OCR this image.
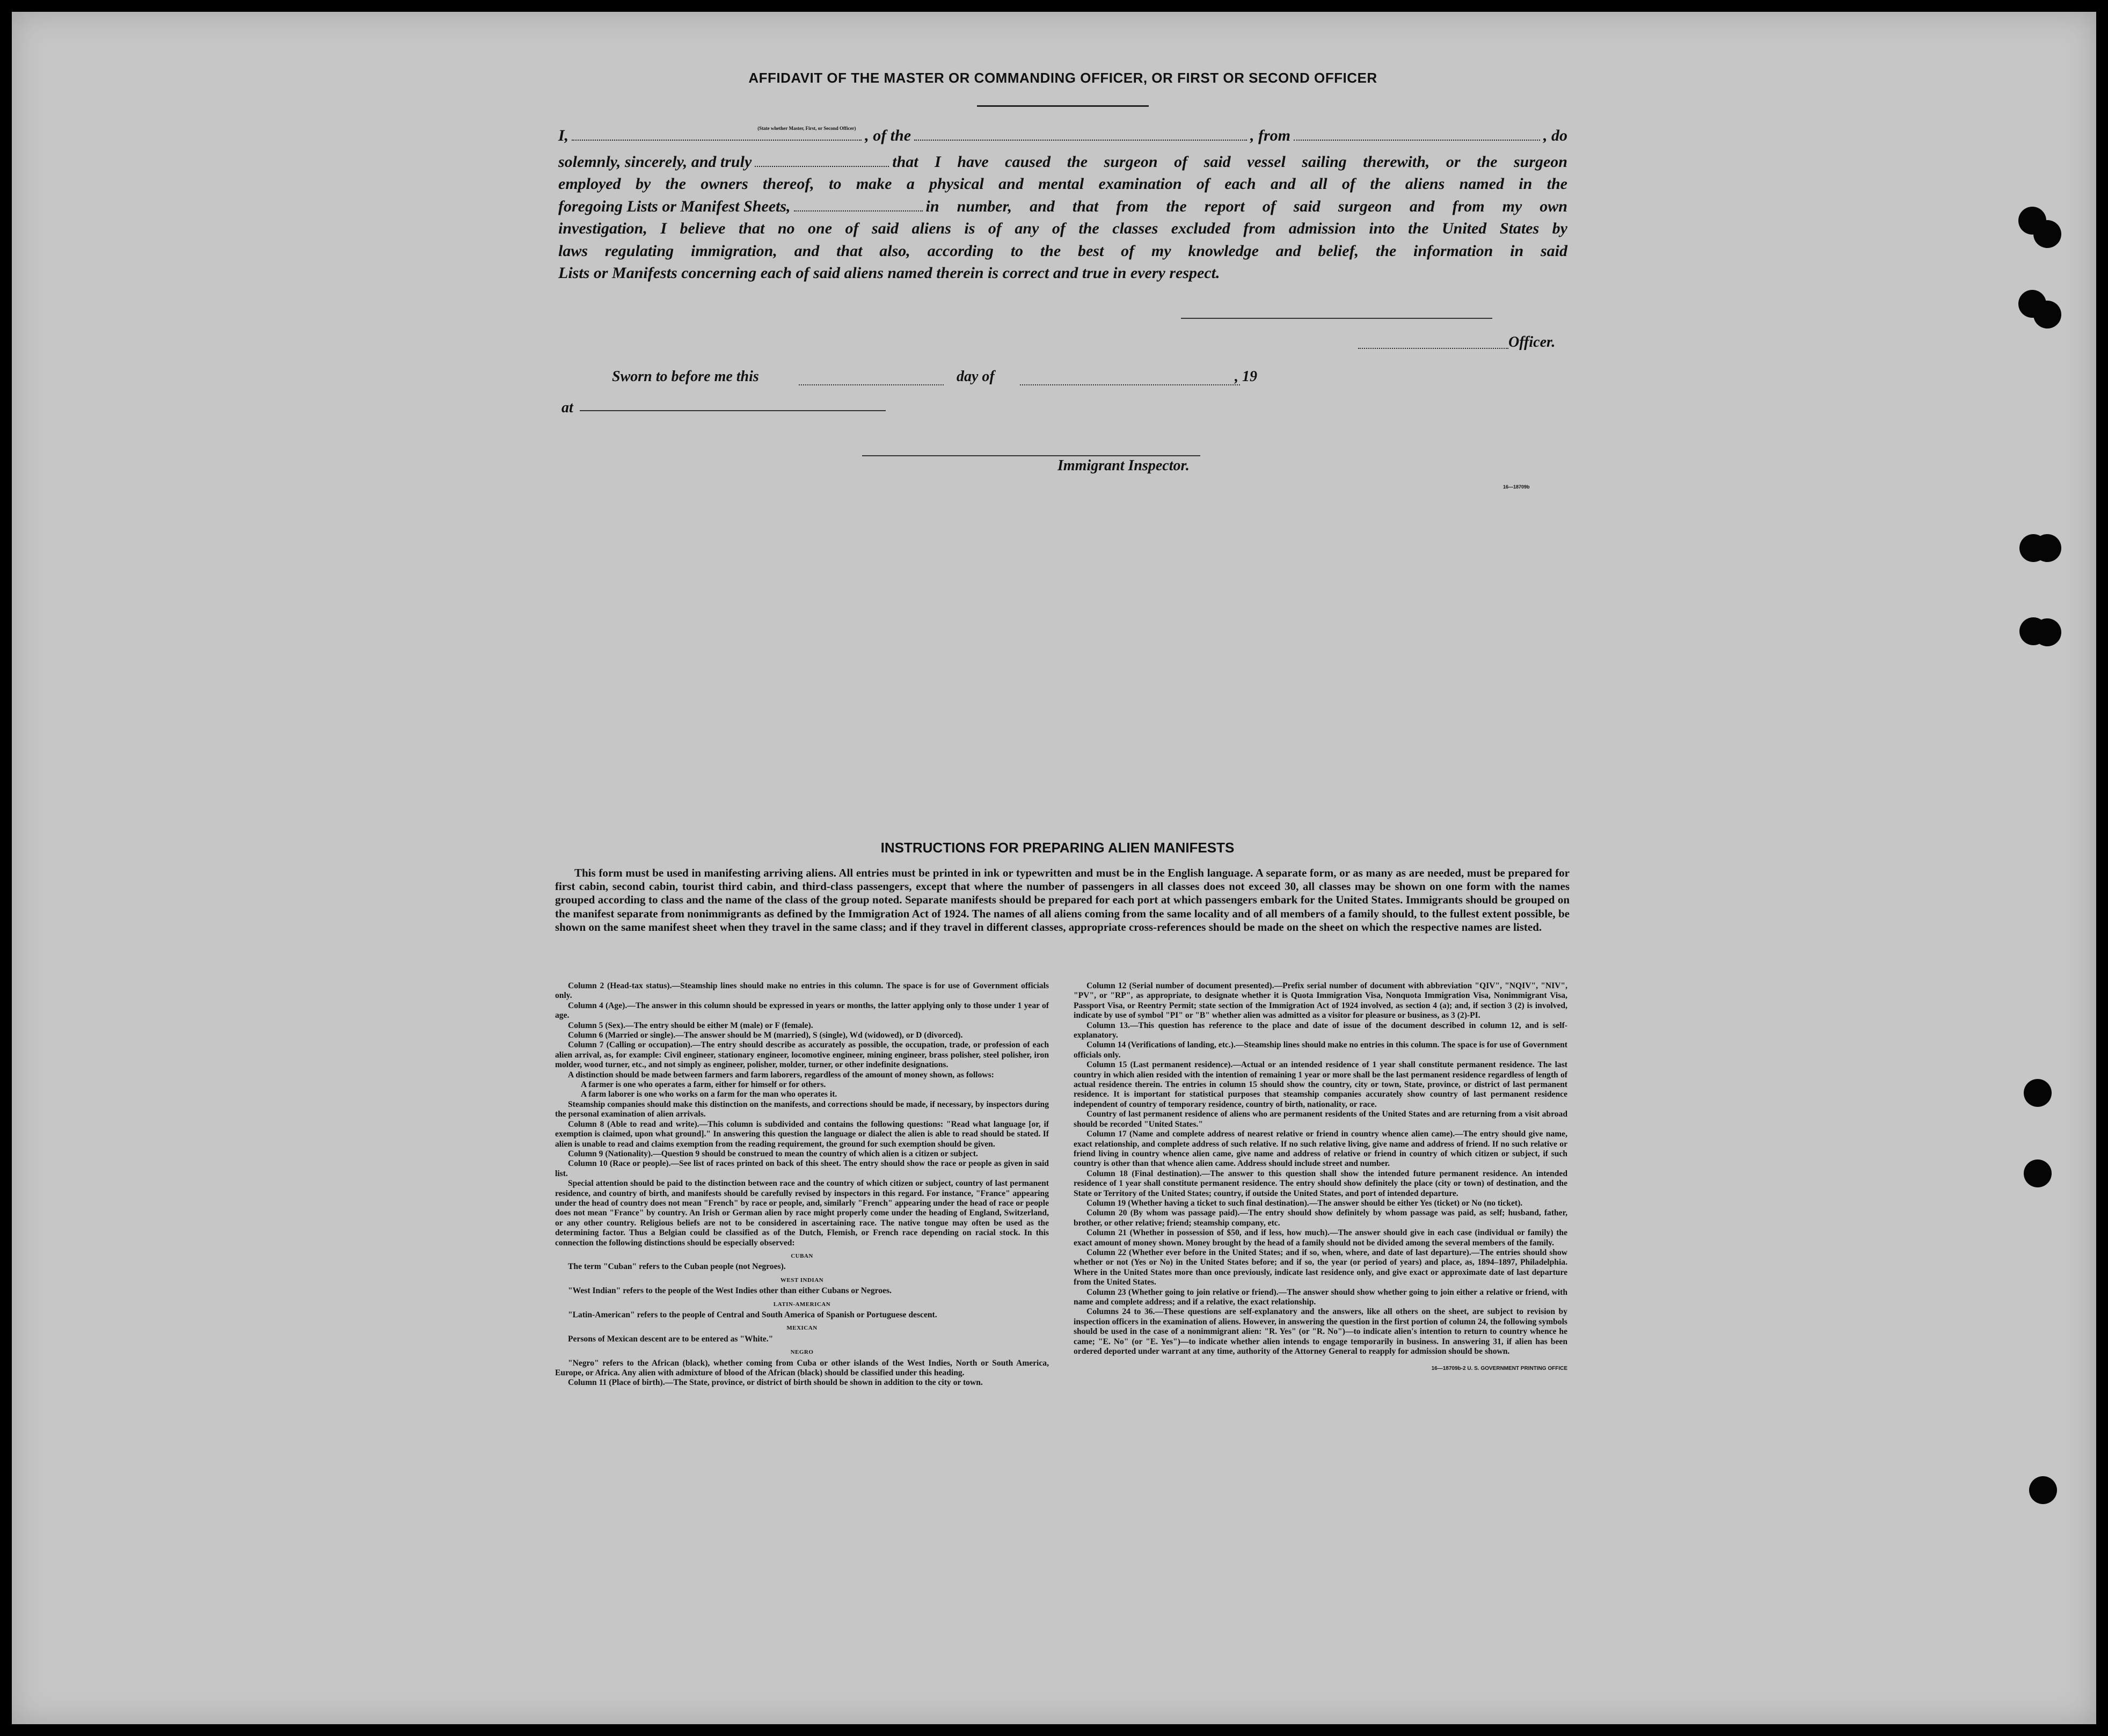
AFFIDAVIT OF THE MASTER OR COMMANDING OFFICER, OR FIRST OR SECOND OFFICER
I,	(State whether Master, First, or Second Officer) , of the	, from	, do
solemnly, sincerely, and truly	that I have caused the surgeon of said vessel sailing therewith, or the surgeon
employed by the owners thereof, to make a physical and mental examination of each and all of the aliens named in the
foregoing Lists or Manifest Sheets,	in number, and that from the report of said surgeon and from my own
investigation, I believe that no one of said aliens is of any of the classes excluded from admission into the United States by
laws regulating immigration, and that also, according to the best of my knowledge and belief, the information in said
Lists or Manifests concerning each of said aliens named therein is correct and true in every respect.
Officer.
Sworn to before me this	day of	, 19
at
Immigrant Inspector.
16—18709b
INSTRUCTIONS FOR PREPARING ALIEN MANIFESTS
This form must be used in manifesting arriving aliens. All entries must be printed in ink or typewritten and must be in the English language. A separate form, or as many as are needed, must be prepared for first cabin, second cabin, tourist third cabin, and third-class passengers, except that where the number of passengers in all classes does not exceed 30, all classes may be shown on one form with the names grouped according to class and the name of the class of the group noted. Separate manifests should be prepared for each port at which passengers embark for the United States. Immigrants should be grouped on the manifest separate from nonimmigrants as defined by the Immigration Act of 1924. The names of all aliens coming from the same locality and of all members of a family should, to the fullest extent possible, be shown on the same manifest sheet when they travel in the same class; and if they travel in different classes, appropriate cross-references should be made on the sheet on which the respective names are listed.

Column 2 (Head-tax status).—Steamship lines should make no entries in this column. The space is for use of Government officials only.

Column 4 (Age).—The answer in this column should be expressed in years or months, the latter applying only to those under 1 year of age.

Column 5 (Sex).—The entry should be either M (male) or F (female).

Column 6 (Married or single).—The answer should be M (married), S (single), Wd (widowed), or D (divorced).

Column 7 (Calling or occupation).—The entry should describe as accurately as possible, the occupation, trade, or profession of each alien arrival, as, for example: Civil engineer, stationary engineer, locomotive engineer, mining engineer, brass polisher, steel polisher, iron molder, wood turner, etc., and not simply as engineer, polisher, molder, turner, or other indefinite designations.

A distinction should be made between farmers and farm laborers, regardless of the amount of money shown, as follows:

A farmer is one who operates a farm, either for himself or for others.

A farm laborer is one who works on a farm for the man who operates it.

Steamship companies should make this distinction on the manifests, and corrections should be made, if necessary, by inspectors during the personal examination of alien arrivals.

Column 8 (Able to read and write).—This column is subdivided and contains the following questions: "Read what language [or, if exemption is claimed, upon what ground]." In answering this question the language or dialect the alien is able to read should be stated. If alien is unable to read and claims exemption from the reading requirement, the ground for such exemption should be given.

Column 9 (Nationality).—Question 9 should be construed to mean the country of which alien is a citizen or subject.

Column 10 (Race or people).—See list of races printed on back of this sheet. The entry should show the race or people as given in said list.

Special attention should be paid to the distinction between race and the country of which citizen or subject, country of last permanent residence, and country of birth, and manifests should be carefully revised by inspectors in this regard. For instance, "France" appearing under the head of country does not mean "French" by race or people, and, similarly "French" appearing under the head of race or people does not mean "France" by country. An Irish or German alien by race might properly come under the heading of England, Switzerland, or any other country. Religious beliefs are not to be considered in ascertaining race. The native tongue may often be used as the determining factor. Thus a Belgian could be classified as of the Dutch, Flemish, or French race depending on racial stock. In this connection the following distinctions should be especially observed:

CUBAN

The term "Cuban" refers to the Cuban people (not Negroes).

WEST INDIAN

"West Indian" refers to the people of the West Indies other than either Cubans or Negroes.

LATIN-AMERICAN

"Latin-American" refers to the people of Central and South America of Spanish or Portuguese descent.

MEXICAN

Persons of Mexican descent are to be entered as "White."

NEGRO

"Negro" refers to the African (black), whether coming from Cuba or other islands of the West Indies, North or South America, Europe, or Africa. Any alien with admixture of blood of the African (black) should be classified under this heading.

Column 11 (Place of birth).—The State, province, or district of birth should be shown in addition to the city or town.

Column 12 (Serial number of document presented).—Prefix serial number of document with abbreviation "QIV", "NQIV", "NIV", "PV", or "RP", as appropriate, to designate whether it is Quota Immigration Visa, Nonquota Immigration Visa, Nonimmigrant Visa, Passport Visa, or Reentry Permit; state section of the Immigration Act of 1924 involved, as section 4 (a); and, if section 3 (2) is involved, indicate by use of symbol "PI" or "B" whether alien was admitted as a visitor for pleasure or business, as 3 (2)-PI.

Column 13.—This question has reference to the place and date of issue of the document described in column 12, and is self-explanatory.

Column 14 (Verifications of landing, etc.).—Steamship lines should make no entries in this column. The space is for use of Government officials only.

Column 15 (Last permanent residence).—Actual or an intended residence of 1 year shall constitute permanent residence. The last country in which alien resided with the intention of remaining 1 year or more shall be the last permanent residence regardless of length of actual residence therein. The entries in column 15 should show the country, city or town, State, province, or district of last permanent residence. It is important for statistical purposes that steamship companies accurately show country of last permanent residence independent of country of temporary residence, country of birth, nationality, or race.

Country of last permanent residence of aliens who are permanent residents of the United States and are returning from a visit abroad should be recorded "United States."

Column 17 (Name and complete address of nearest relative or friend in country whence alien came).—The entry should give name, exact relationship, and complete address of such relative. If no such relative living, give name and address of friend. If no such relative or friend living in country whence alien came, give name and address of relative or friend in country of which citizen or subject, if such country is other than that whence alien came. Address should include street and number.

Column 18 (Final destination).—The answer to this question shall show the intended future permanent residence. An intended residence of 1 year shall constitute permanent residence. The entry should show definitely the place (city or town) of destination, and the State or Territory of the United States; country, if outside the United States, and port of intended departure.

Column 19 (Whether having a ticket to such final destination).—The answer should be either Yes (ticket) or No (no ticket).

Column 20 (By whom was passage paid).—The entry should show definitely by whom passage was paid, as self; husband, father, brother, or other relative; friend; steamship company, etc.

Column 21 (Whether in possession of $50, and if less, how much).—The answer should give in each case (individual or family) the exact amount of money shown. Money brought by the head of a family should not be divided among the several members of the family.

Column 22 (Whether ever before in the United States; and if so, when, where, and date of last departure).—The entries should show whether or not (Yes or No) in the United States before; and if so, the year (or period of years) and place, as, 1894–1897, Philadelphia. Where in the United States more than once previously, indicate last residence only, and give exact or approximate date of last departure from the United States.

Column 23 (Whether going to join relative or friend).—The answer should show whether going to join either a relative or friend, with name and complete address; and if a relative, the exact relationship.

Columns 24 to 36.—These questions are self-explanatory and the answers, like all others on the sheet, are subject to revision by inspection officers in the examination of aliens. However, in answering the question in the first portion of column 24, the following symbols should be used in the case of a nonimmigrant alien: "R. Yes" (or "R. No")—to indicate alien's intention to return to country whence he came; "E. No" (or "E. Yes")—to indicate whether alien intends to engage temporarily in business. In answering 31, if alien has been ordered deported under warrant at any time, authority of the Attorney General to reapply for admission should be shown.

16—18709b-2 U. S. GOVERNMENT PRINTING OFFICE
